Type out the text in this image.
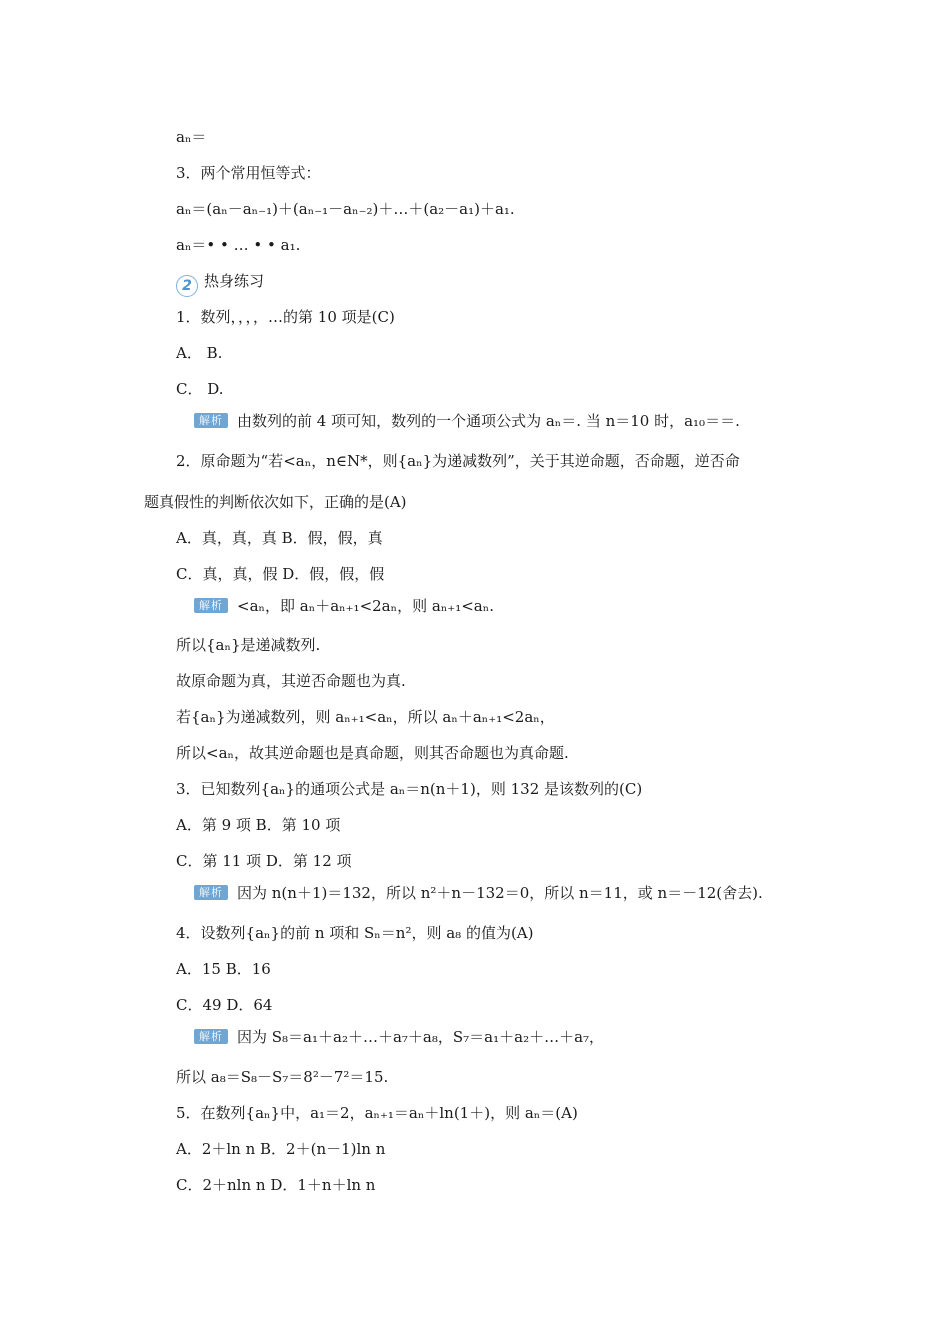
aₙ＝
3．两个常用恒等式：
aₙ＝(aₙ－aₙ₋₁)＋(aₙ₋₁－aₙ₋₂)＋…＋(a₂－a₁)＋a₁.
aₙ＝• • … • • a₁.
2 热身练习
1．数列，，，，…的第 10 项是(C)
A． B.
C． D.
解析 由数列的前 4 项可知，数列的一个通项公式为 aₙ＝. 当 n＝10 时，a₁₀＝＝.
2．原命题为“若<aₙ，n∈N*，则{aₙ}为递减数列”，关于其逆命题，否命题，逆否命
题真假性的判断依次如下，正确的是(A)
A．真，真，真 B．假，假，真
C．真，真，假 D．假，假，假
解析 <aₙ，即 aₙ＋aₙ₊₁<2aₙ，则 aₙ₊₁<aₙ.
所以{aₙ}是递减数列.
故原命题为真，其逆否命题也为真.
若{aₙ}为递减数列，则 aₙ₊₁<aₙ，所以 aₙ＋aₙ₊₁<2aₙ，
所以<aₙ，故其逆命题也是真命题，则其否命题也为真命题.
3．已知数列{aₙ}的通项公式是 aₙ＝n(n＋1)，则 132 是该数列的(C)
A．第 9 项 B．第 10 项
C．第 11 项 D．第 12 项
解析 因为 n(n＋1)＝132，所以 n²＋n－132＝0，所以 n＝11，或 n＝－12(舍去).
4．设数列{aₙ}的前 n 项和 Sₙ＝n²，则 a₈ 的值为(A)
A．15 B．16
C．49 D．64
解析 因为 S₈＝a₁＋a₂＋…＋a₇＋a₈，S₇＝a₁＋a₂＋…＋a₇，
所以 a₈＝S₈－S₇＝8²－7²＝15.
5．在数列{aₙ}中，a₁＝2，aₙ₊₁＝aₙ＋ln(1＋)，则 aₙ＝(A)
A．2＋ln n B．2＋(n－1)ln n
C．2＋nln n D．1＋n＋ln n
